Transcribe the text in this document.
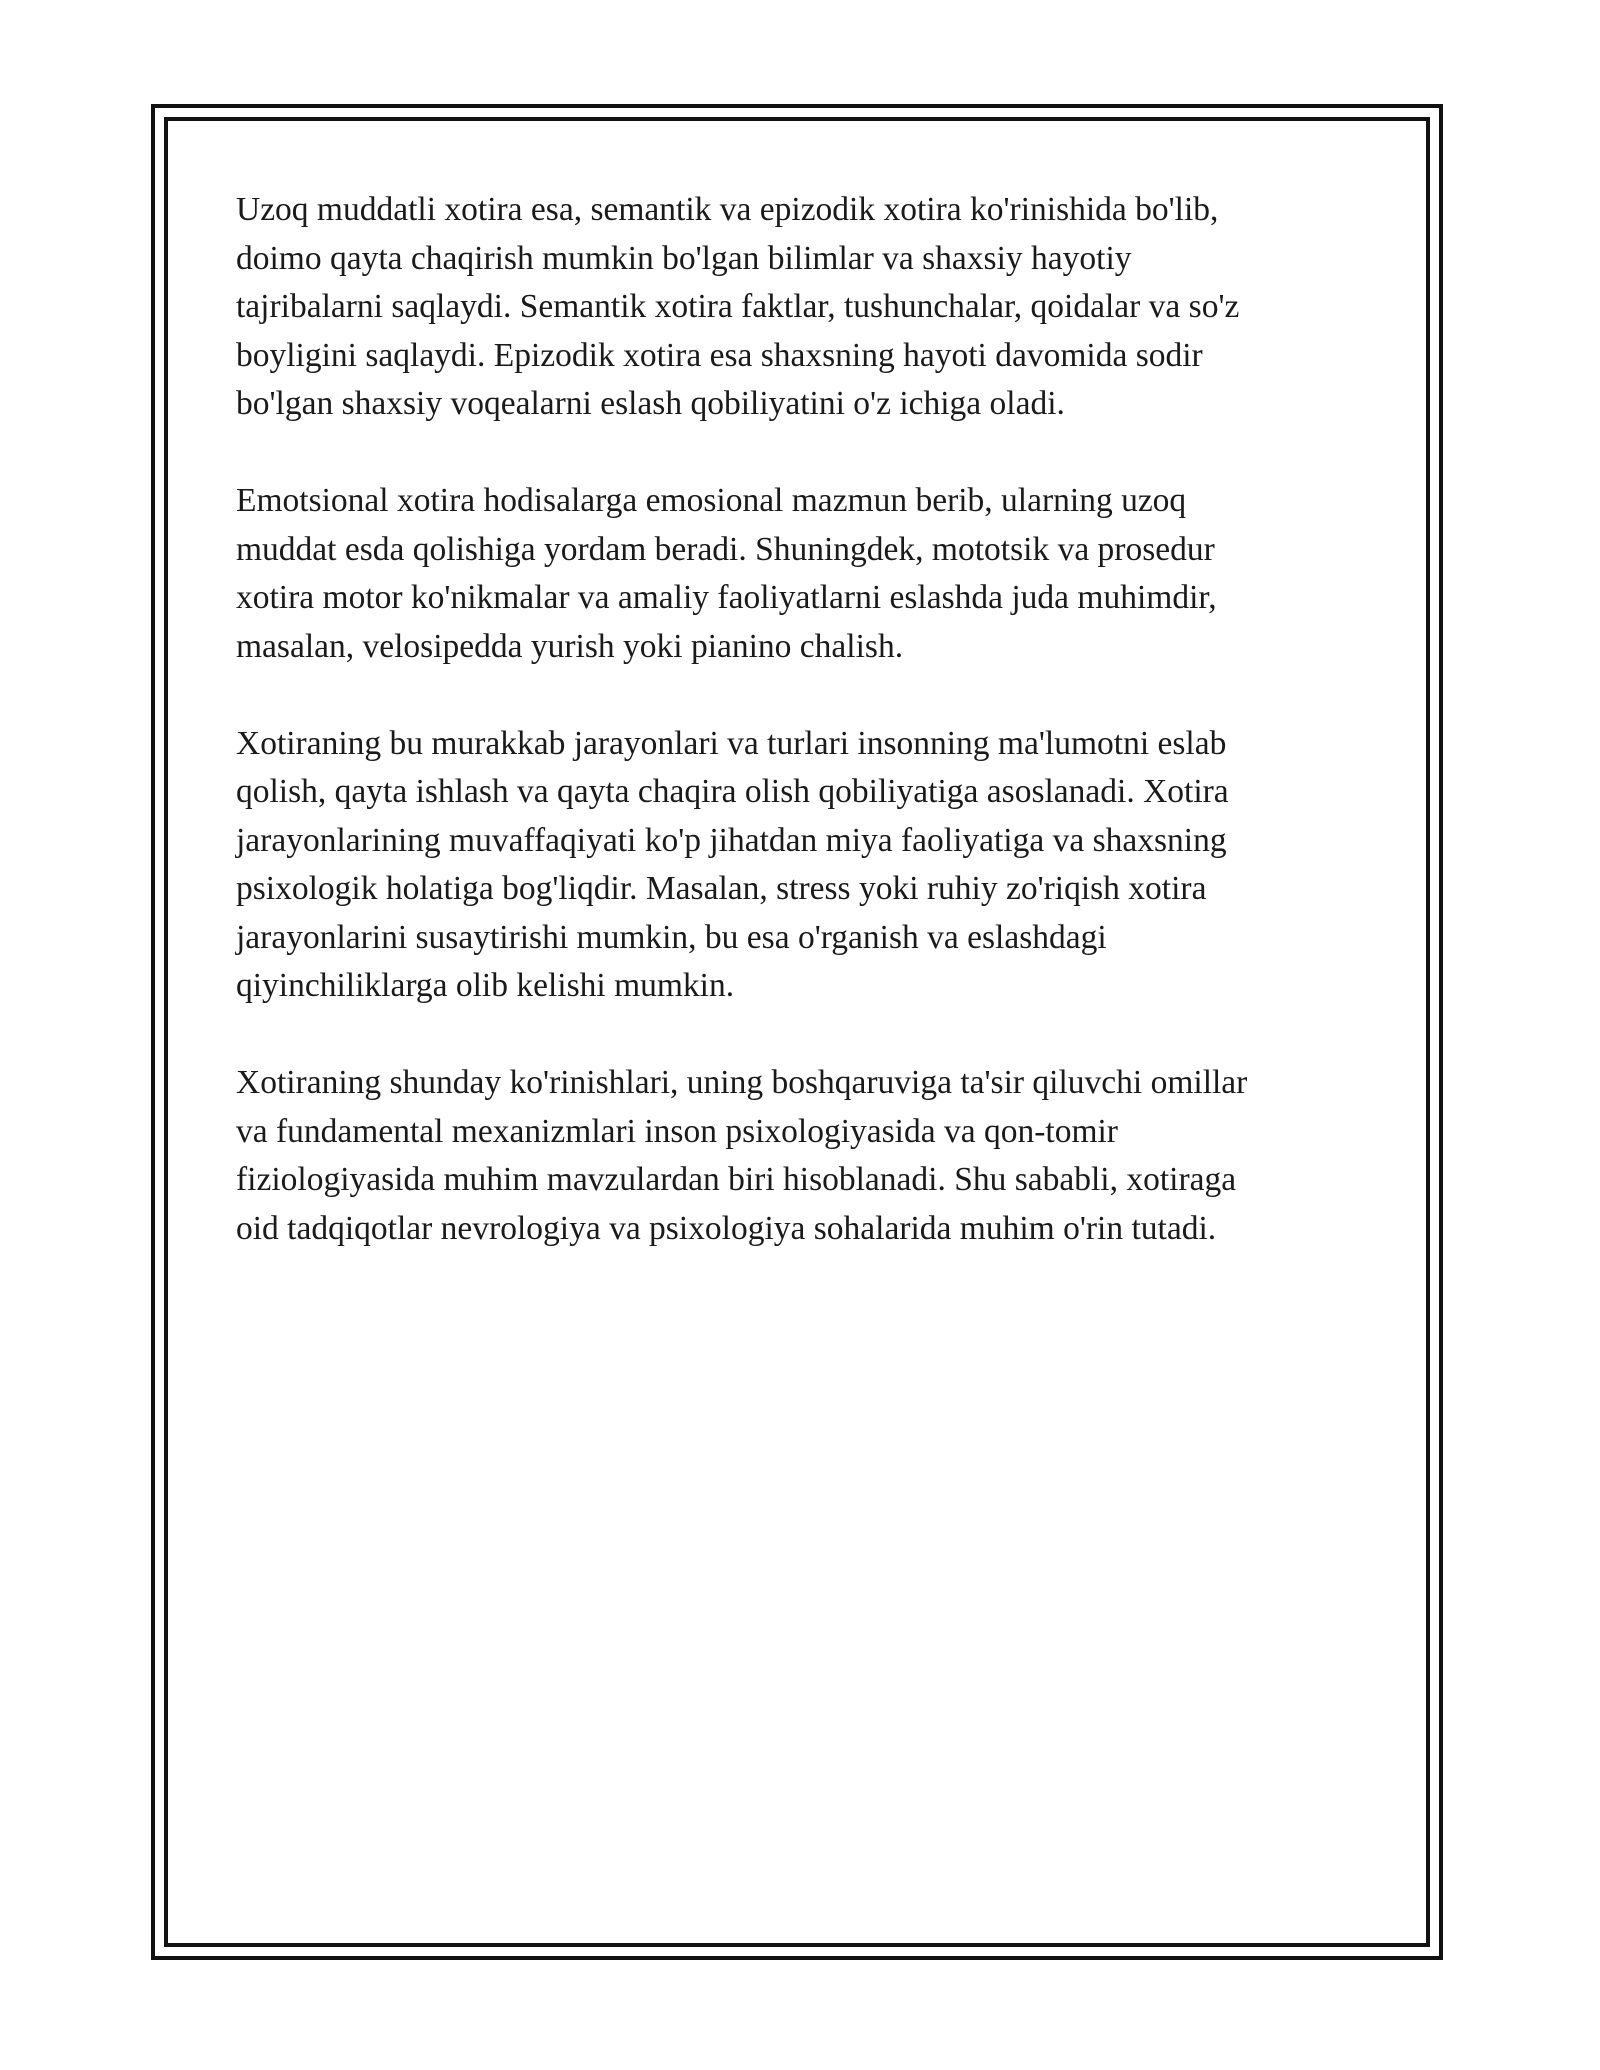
Uzoq muddatli xotira esa, semantik va epizodik xotira ko'rinishida bo'lib,
doimo qayta chaqirish mumkin bo'lgan bilimlar va shaxsiy hayotiy
tajribalarni saqlaydi. Semantik xotira faktlar, tushunchalar, qoidalar va so'z
boyligini saqlaydi. Epizodik xotira esa shaxsning hayoti davomida sodir
bo'lgan shaxsiy voqealarni eslash qobiliyatini o'z ichiga oladi.

Emotsional xotira hodisalarga emosional mazmun berib, ularning uzoq
muddat esda qolishiga yordam beradi. Shuningdek, mototsik va prosedur
xotira motor ko'nikmalar va amaliy faoliyatlarni eslashda juda muhimdir,
masalan, velosipedda yurish yoki pianino chalish.

Xotiraning bu murakkab jarayonlari va turlari insonning ma'lumotni eslab
qolish, qayta ishlash va qayta chaqira olish qobiliyatiga asoslanadi. Xotira
jarayonlarining muvaffaqiyati ko'p jihatdan miya faoliyatiga va shaxsning
psixologik holatiga bog'liqdir. Masalan, stress yoki ruhiy zo'riqish xotira
jarayonlarini susaytirishi mumkin, bu esa o'rganish va eslashdagi
qiyinchiliklarga olib kelishi mumkin.

Xotiraning shunday ko'rinishlari, uning boshqaruviga ta'sir qiluvchi omillar
va fundamental mexanizmlari inson psixologiyasida va qon-tomir
fiziologiyasida muhim mavzulardan biri hisoblanadi. Shu sababli, xotiraga
oid tadqiqotlar nevrologiya va psixologiya sohalarida muhim o'rin tutadi.
